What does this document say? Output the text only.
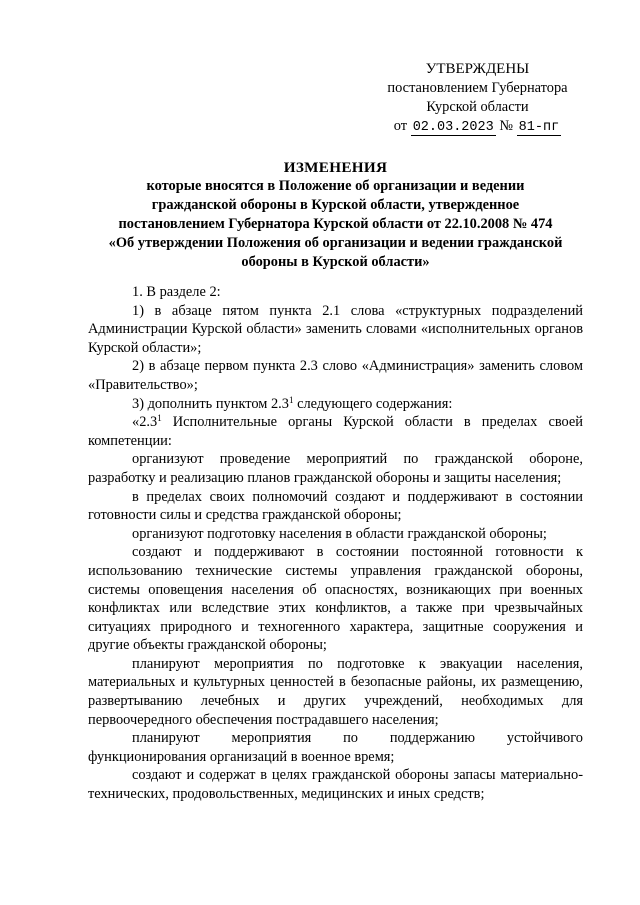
УТВЕРЖДЕНЫ
постановлением Губернатора
Курской области
от 02.03.2023 № 81-пг
ИЗМЕНЕНИЯ
которые вносятся в Положение об организации и ведении
гражданской обороны в Курской области, утвержденное
постановлением Губернатора Курской области от 22.10.2008 № 474
«Об утверждении Положения об организации и ведении гражданской
обороны в Курской области»

1. В разделе 2:

1) в абзаце пятом пункта 2.1 слова «структурных подразделений Администрации Курской области» заменить словами «исполнительных органов Курской области»;

2) в абзаце первом пункта 2.3 слово «Администрация» заменить словом «Правительство»;

3) дополнить пунктом $2.3^1$ следующего содержания:

«$2.3^1$ Исполнительные органы Курской области в пределах своей компетенции:

организуют проведение мероприятий по гражданской обороне, разработку и реализацию планов гражданской обороны и защиты населения;

в пределах своих полномочий создают и поддерживают в состоянии готовности силы и средства гражданской обороны;

организуют подготовку населения в области гражданской обороны;

создают и поддерживают в состоянии постоянной готовности к использованию технические системы управления гражданской обороны, системы оповещения населения об опасностях, возникающих при военных конфликтах или вследствие этих конфликтов, а также при чрезвычайных ситуациях природного и техногенного характера, защитные сооружения и другие объекты гражданской обороны;

планируют мероприятия по подготовке к эвакуации населения, материальных и культурных ценностей в безопасные районы, их размещению, развертыванию лечебных и других учреждений, необходимых для первоочередного обеспечения пострадавшего населения;

планируют мероприятия по поддержанию устойчивого функционирования организаций в военное время;

создают и содержат в целях гражданской обороны запасы материально-технических, продовольственных, медицинских и иных средств;
